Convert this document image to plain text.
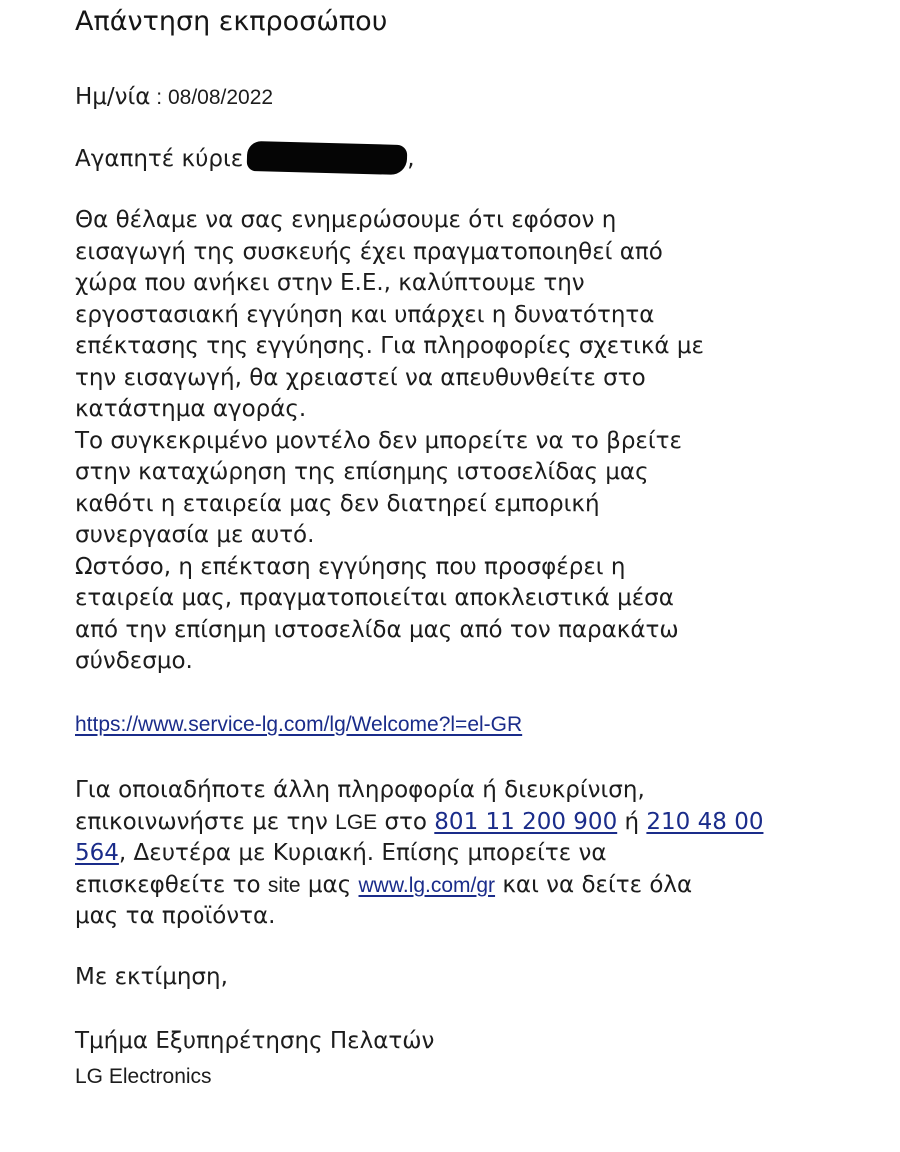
Απάντηση εκπροσώπου
Ημ/νία : 08/08/2022
Αγαπητέ κύριε	,
Θα θέλαμε να σας ενημερώσουμε ότι εφόσον η
εισαγωγή της συσκευής έχει πραγματοποιηθεί από
χώρα που ανήκει στην Ε.Ε., καλύπτουμε την
εργοστασιακή εγγύηση και υπάρχει η δυνατότητα
επέκτασης της εγγύησης. Για πληροφορίες σχετικά με
την εισαγωγή, θα χρειαστεί να απευθυνθείτε στο
κατάστημα αγοράς.
Το συγκεκριμένο μοντέλο δεν μπορείτε να το βρείτε
στην καταχώρηση της επίσημης ιστοσελίδας μας
καθότι η εταιρεία μας δεν διατηρεί εμπορική
συνεργασία με αυτό.
Ωστόσο, η επέκταση εγγύησης που προσφέρει η
εταιρεία μας, πραγματοποιείται αποκλειστικά μέσα
από την επίσημη ιστοσελίδα μας από τον παρακάτω
σύνδεσμο.
https://www.service-lg.com/lg/Welcome?l=el-GR
Για οποιαδήποτε άλλη πληροφορία ή διευκρίνιση,
επικοινωνήστε με την LGE στο 801 11 200 900 ή 210 48 00
564, Δευτέρα με Κυριακή. Επίσης μπορείτε να
επισκεφθείτε το site μας www.lg.com/gr και να δείτε όλα
μας τα προϊόντα.
Με εκτίμηση,
Τμήμα Εξυπηρέτησης Πελατών
LG Electronics
